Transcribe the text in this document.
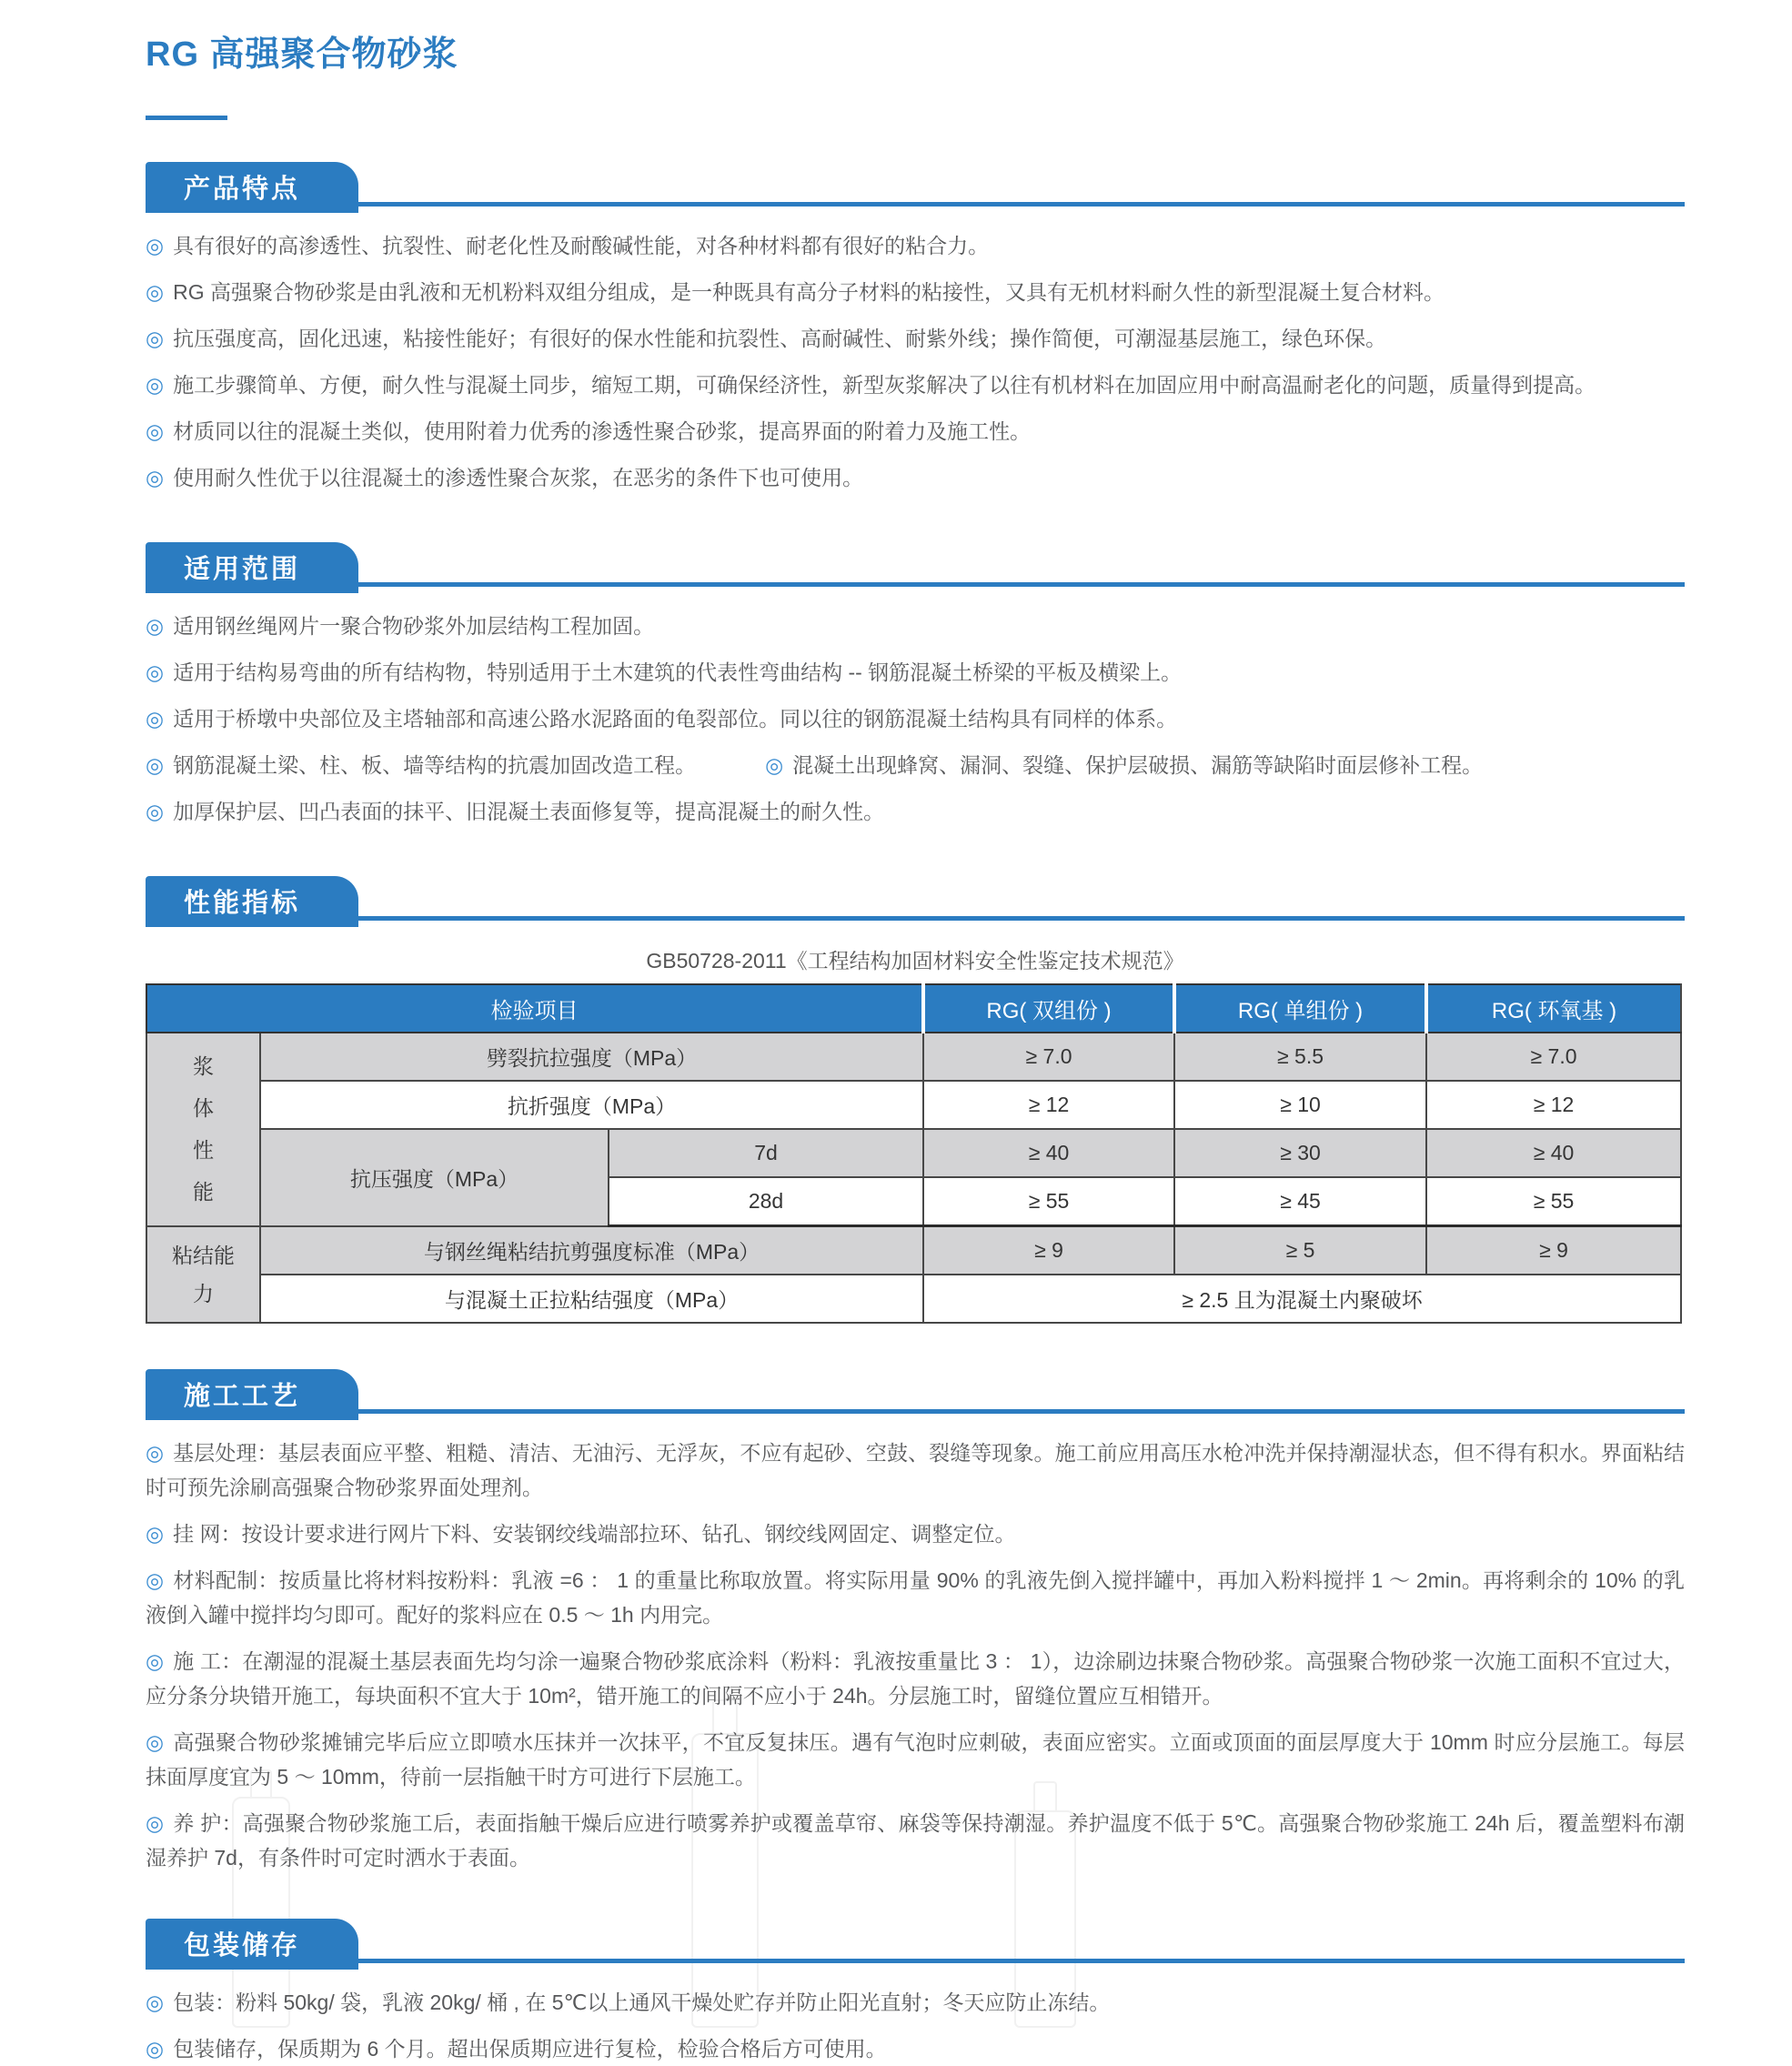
RG 高强聚合物砂浆
产品特点

◎ 具有很好的高渗透性、抗裂性、耐老化性及耐酸碱性能，对各种材料都有很好的粘合力。

◎ RG 高强聚合物砂浆是由乳液和无机粉料双组分组成，是一种既具有高分子材料的粘接性，又具有无机材料耐久性的新型混凝土复合材料。

◎ 抗压强度高，固化迅速，粘接性能好；有很好的保水性能和抗裂性、高耐碱性、耐紫外线；操作简便，可潮湿基层施工，绿色环保。

◎ 施工步骤简单、方便，耐久性与混凝土同步，缩短工期，可确保经济性，新型灰浆解决了以往有机材料在加固应用中耐高温耐老化的问题，质量得到提高。

◎ 材质同以往的混凝土类似，使用附着力优秀的渗透性聚合砂浆，提高界面的附着力及施工性。

◎ 使用耐久性优于以往混凝土的渗透性聚合灰浆，在恶劣的条件下也可使用。

适用范围

◎ 适用钢丝绳网片一聚合物砂浆外加层结构工程加固。

◎ 适用于结构易弯曲的所有结构物，特别适用于土木建筑的代表性弯曲结构 -- 钢筋混凝土桥梁的平板及横梁上。

◎ 适用于桥墩中央部位及主塔轴部和高速公路水泥路面的龟裂部位。同以往的钢筋混凝土结构具有同样的体系。

◎ 钢筋混凝土梁、柱、板、墙等结构的抗震加固改造工程。 ◎	混凝土出现蜂窝、漏洞、裂缝、保护层破损、漏筋等缺陷时面层修补工程。

◎ 加厚保护层、凹凸表面的抹平、旧混凝土表面修复等，提高混凝土的耐久性。

性能指标
GB50728-2011《工程结构加固材料安全性鉴定技术规范》
检验项目			RG( 双组份 )	RG( 单组份 )	RG( 环氧基 )
浆体性能	劈裂抗拉强度（MPa）		≥ 7.0	≥ 5.5	≥ 7.0
	抗折强度（MPa）		≥ 12	≥ 10	≥ 12
	抗压强度（MPa）	7d	≥ 40	≥ 30	≥ 40
		28d	≥ 55	≥ 45	≥ 55
粘结能力	与钢丝绳粘结抗剪强度标准（MPa）		≥ 9	≥ 5	≥ 9
	与混凝土正拉粘结强度（MPa）		≥ 2.5 且为混凝土内聚破坏		
施工工艺

◎ 基层处理：基层表面应平整、粗糙、清洁、无油污、无浮灰，不应有起砂、空鼓、裂缝等现象。施工前应用高压水枪冲洗并保持潮湿状态，但不得有积水。界面粘结时可预先涂刷高强聚合物砂浆界面处理剂。

◎ 挂 网：按设计要求进行网片下料、安装钢绞线端部拉环、钻孔、钢绞线网固定、调整定位。

◎ 材料配制：按质量比将材料按粉料：乳液 =6 ： 1 的重量比称取放置。将实际用量 90% 的乳液先倒入搅拌罐中，再加入粉料搅拌 1 ～ 2min。再将剩余的 10% 的乳液倒入罐中搅拌均匀即可。配好的浆料应在 0.5 ～ 1h 内用完。

◎ 施 工：在潮湿的混凝土基层表面先均匀涂一遍聚合物砂浆底涂料（粉料：乳液按重量比 3 ： 1），边涂刷边抹聚合物砂浆。高强聚合物砂浆一次施工面积不宜过大，应分条分块错开施工，每块面积不宜大于 10m²，错开施工的间隔不应小于 24h。分层施工时，留缝位置应互相错开。

◎ 高强聚合物砂浆摊铺完毕后应立即喷水压抹并一次抹平，不宜反复抹压。遇有气泡时应刺破，表面应密实。立面或顶面的面层厚度大于 10mm 时应分层施工。每层抹面厚度宜为 5 ～ 10mm，待前一层指触干时方可进行下层施工。

◎ 养 护：高强聚合物砂浆施工后，表面指触干燥后应进行喷雾养护或覆盖草帘、麻袋等保持潮湿。养护温度不低于 5℃。高强聚合物砂浆施工 24h 后，覆盖塑料布潮湿养护 7d，有条件时可定时洒水于表面。

包装储存

◎ 包装：粉料 50kg/ 袋，乳液 20kg/ 桶 , 在 5℃以上通风干燥处贮存并防止阳光直射；冬天应防止冻结。

◎ 包装储存，保质期为 6 个月。超出保质期应进行复检，检验合格后方可使用。
